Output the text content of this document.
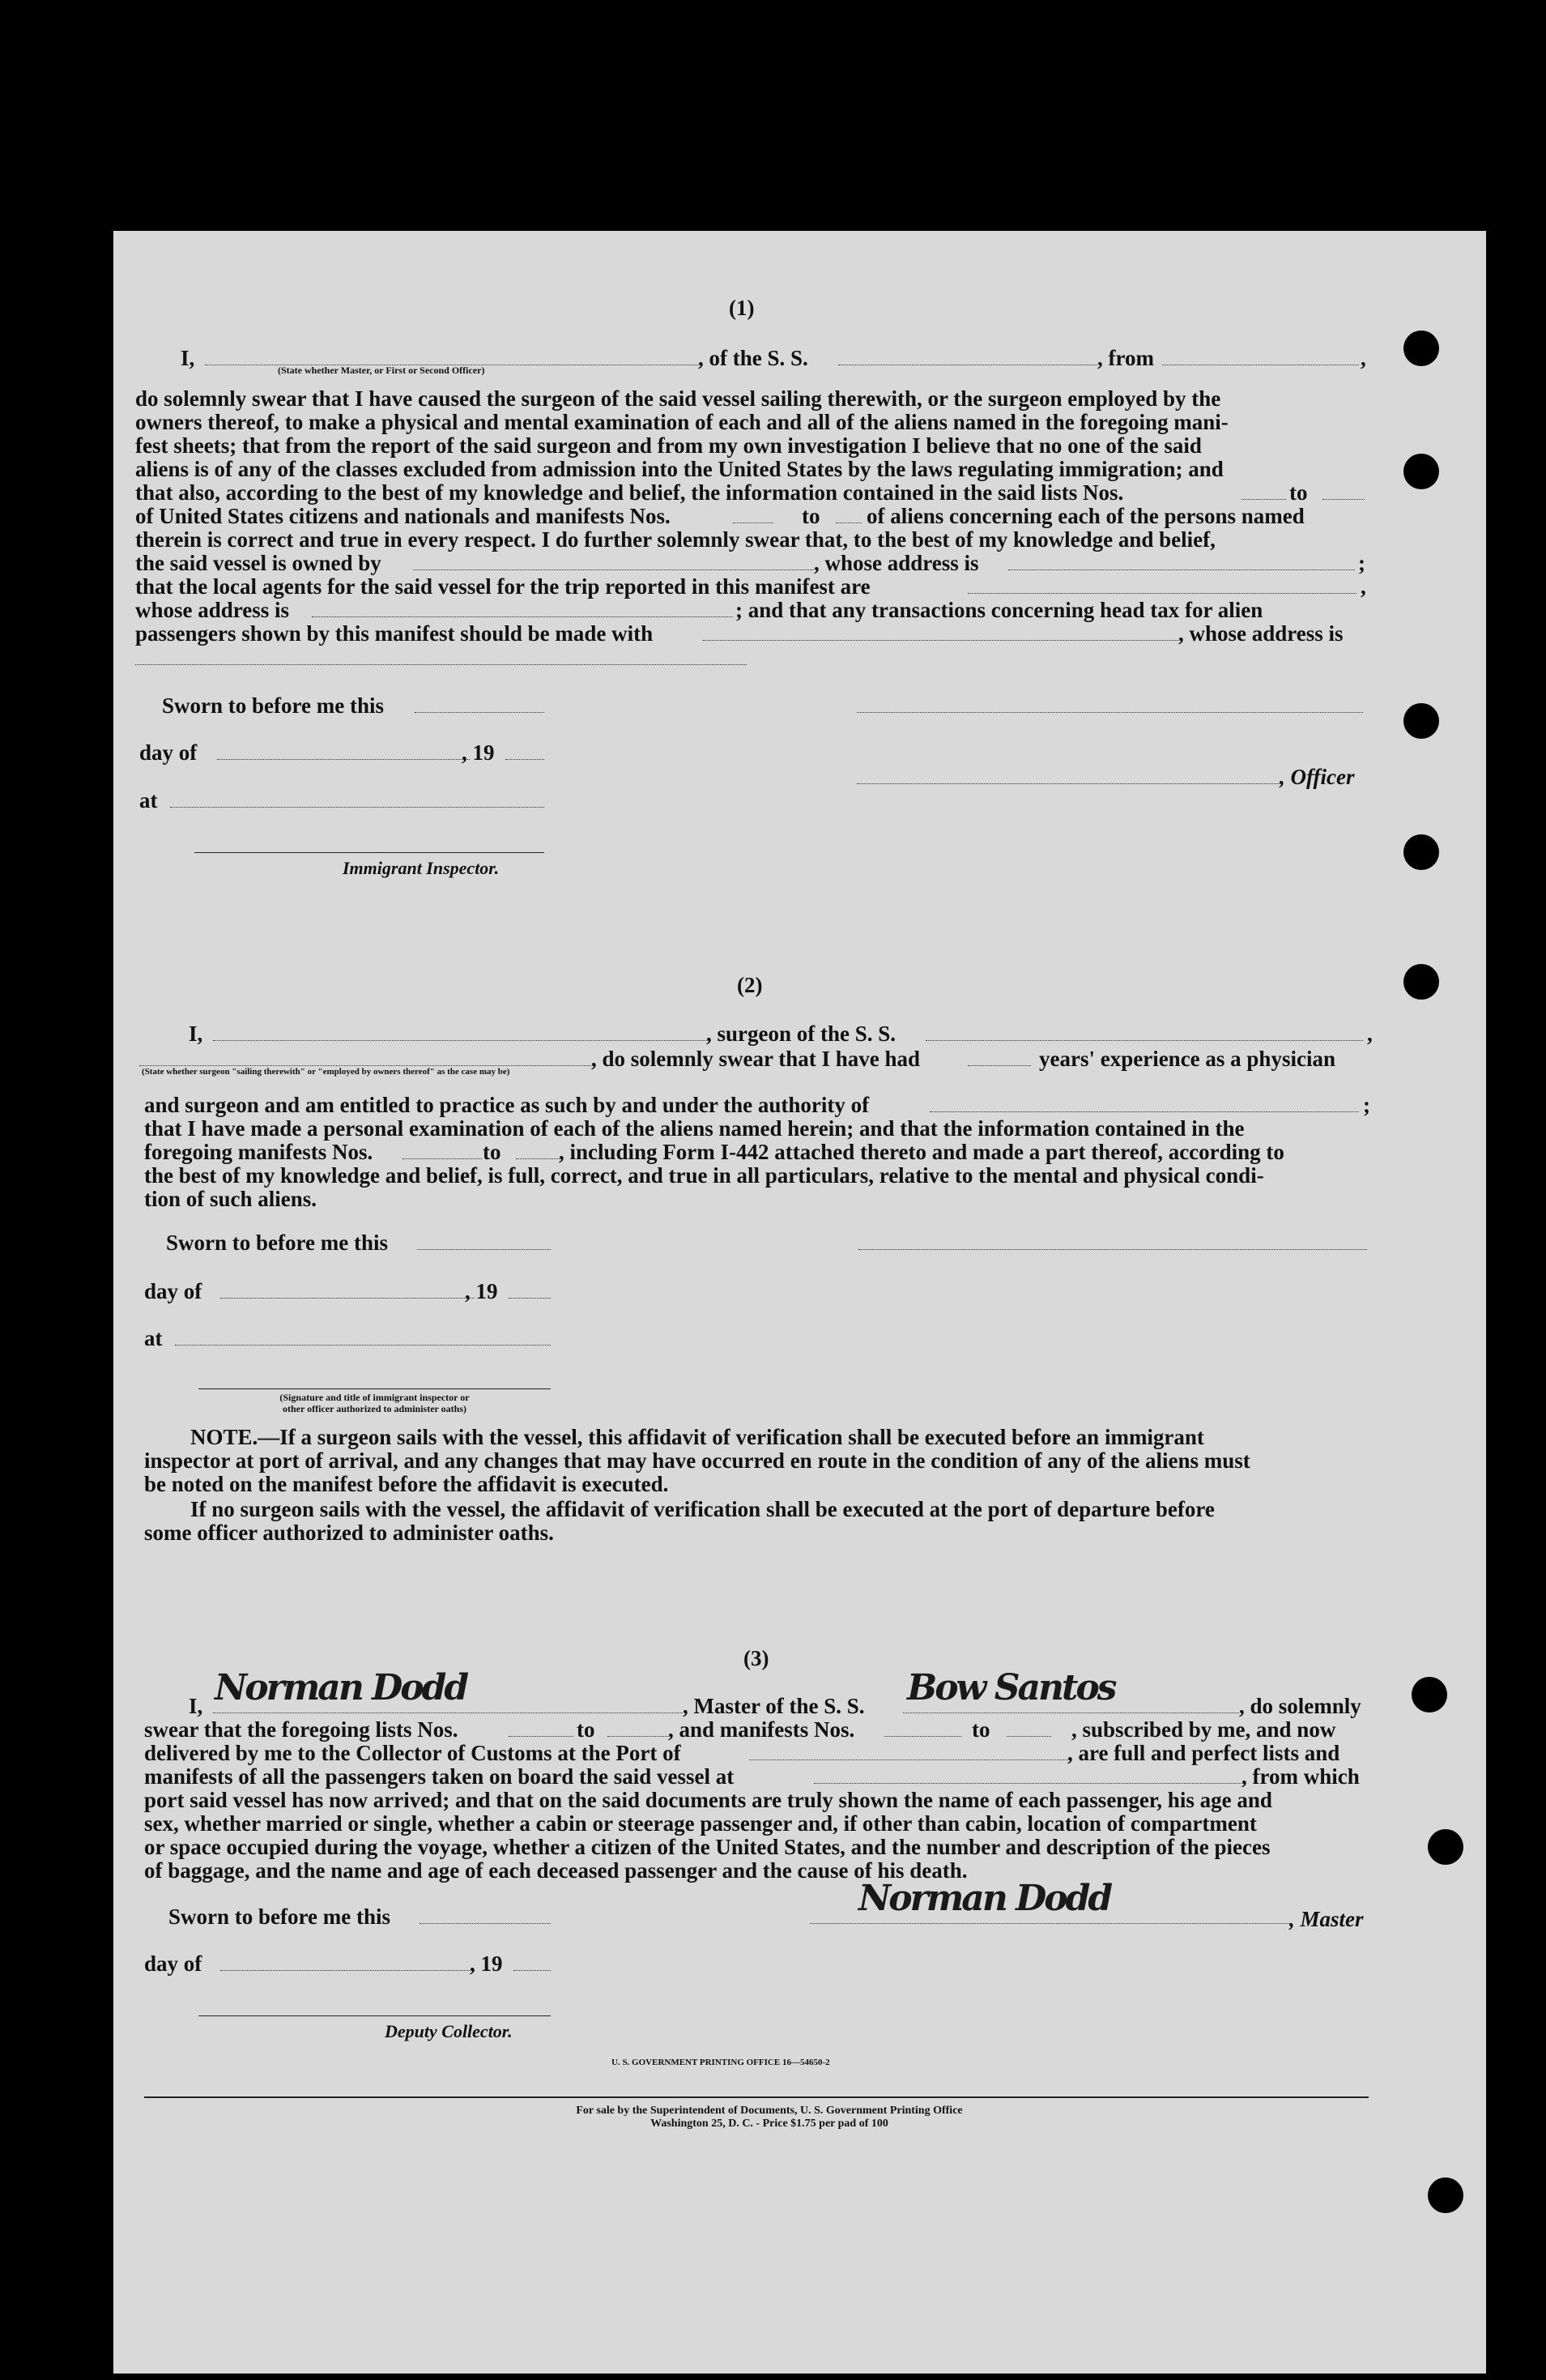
(1)
I,	(State whether Master, or First or Second Officer)	, of the S. S.	, from	,
do solemnly swear that I have caused the surgeon of the said vessel sailing therewith, or the surgeon employed by the
owners thereof, to make a physical and mental examination of each and all of the aliens named in the foregoing mani-
fest sheets; that from the report of the said surgeon and from my own investigation I believe that no one of the said
aliens is of any of the classes excluded from admission into the United States by the laws regulating immigration; and
that also, according to the best of my knowledge and belief, the information contained in the said lists Nos.	to
of United States citizens and nationals and manifests Nos.	to of aliens concerning each of the persons named
therein is correct and true in every respect. I do further solemnly swear that, to the best of my knowledge and belief,
the said vessel is owned by	, whose address is	;
that the local agents for the said vessel for the trip reported in this manifest are	,
whose address is	; and that any transactions concerning head tax for alien
passengers shown by this manifest should be made with	, whose address is
Sworn to before me this
day of	, 19
, Officer
at
Immigrant Inspector.
(2)
I,	, surgeon of the S. S.	,
, do solemnly swear that I have had	years' experience as a physician
(State whether surgeon "sailing therewith" or "employed by owners thereof" as the case may be)
and surgeon and am entitled to practice as such by and under the authority of	;
that I have made a personal examination of each of the aliens named herein; and that the information contained in the
foregoing manifests Nos.	to	, including Form I-442 attached thereto and made a part thereof, according to
the best of my knowledge and belief, is full, correct, and true in all particulars, relative to the mental and physical condi-
tion of such aliens.
Sworn to before me this
day of	, 19
at
(Signature and title of immigrant inspector or
other officer authorized to administer oaths)
NOTE.—If a surgeon sails with the vessel, this affidavit of verification shall be executed before an immigrant
inspector at port of arrival, and any changes that may have occurred en route in the condition of any of the aliens must
be noted on the manifest before the affidavit is executed.
If no surgeon sails with the vessel, the affidavit of verification shall be executed at the port of departure before
some officer authorized to administer oaths.
(3)
I, Norman Dodd	, Master of the S. S. Bow Santos	, do solemnly
swear that the foregoing lists Nos.	to	, and manifests Nos.	to	, subscribed by me, and now
delivered by me to the Collector of Customs at the Port of	, are full and perfect lists and
manifests of all the passengers taken on board the said vessel at	, from which
port said vessel has now arrived; and that on the said documents are truly shown the name of each passenger, his age and
sex, whether married or single, whether a cabin or steerage passenger and, if other than cabin, location of compartment
or space occupied during the voyage, whether a citizen of the United States, and the number and description of the pieces
of baggage, and the name and age of each deceased passenger and the cause of his death.
Sworn to before me this	Norman Dodd	, Master
day of	, 19
Deputy Collector.
U. S. GOVERNMENT PRINTING OFFICE 16—54650-2
For sale by the Superintendent of Documents, U. S. Government Printing Office
Washington 25, D. C. - Price $1.75 per pad of 100
